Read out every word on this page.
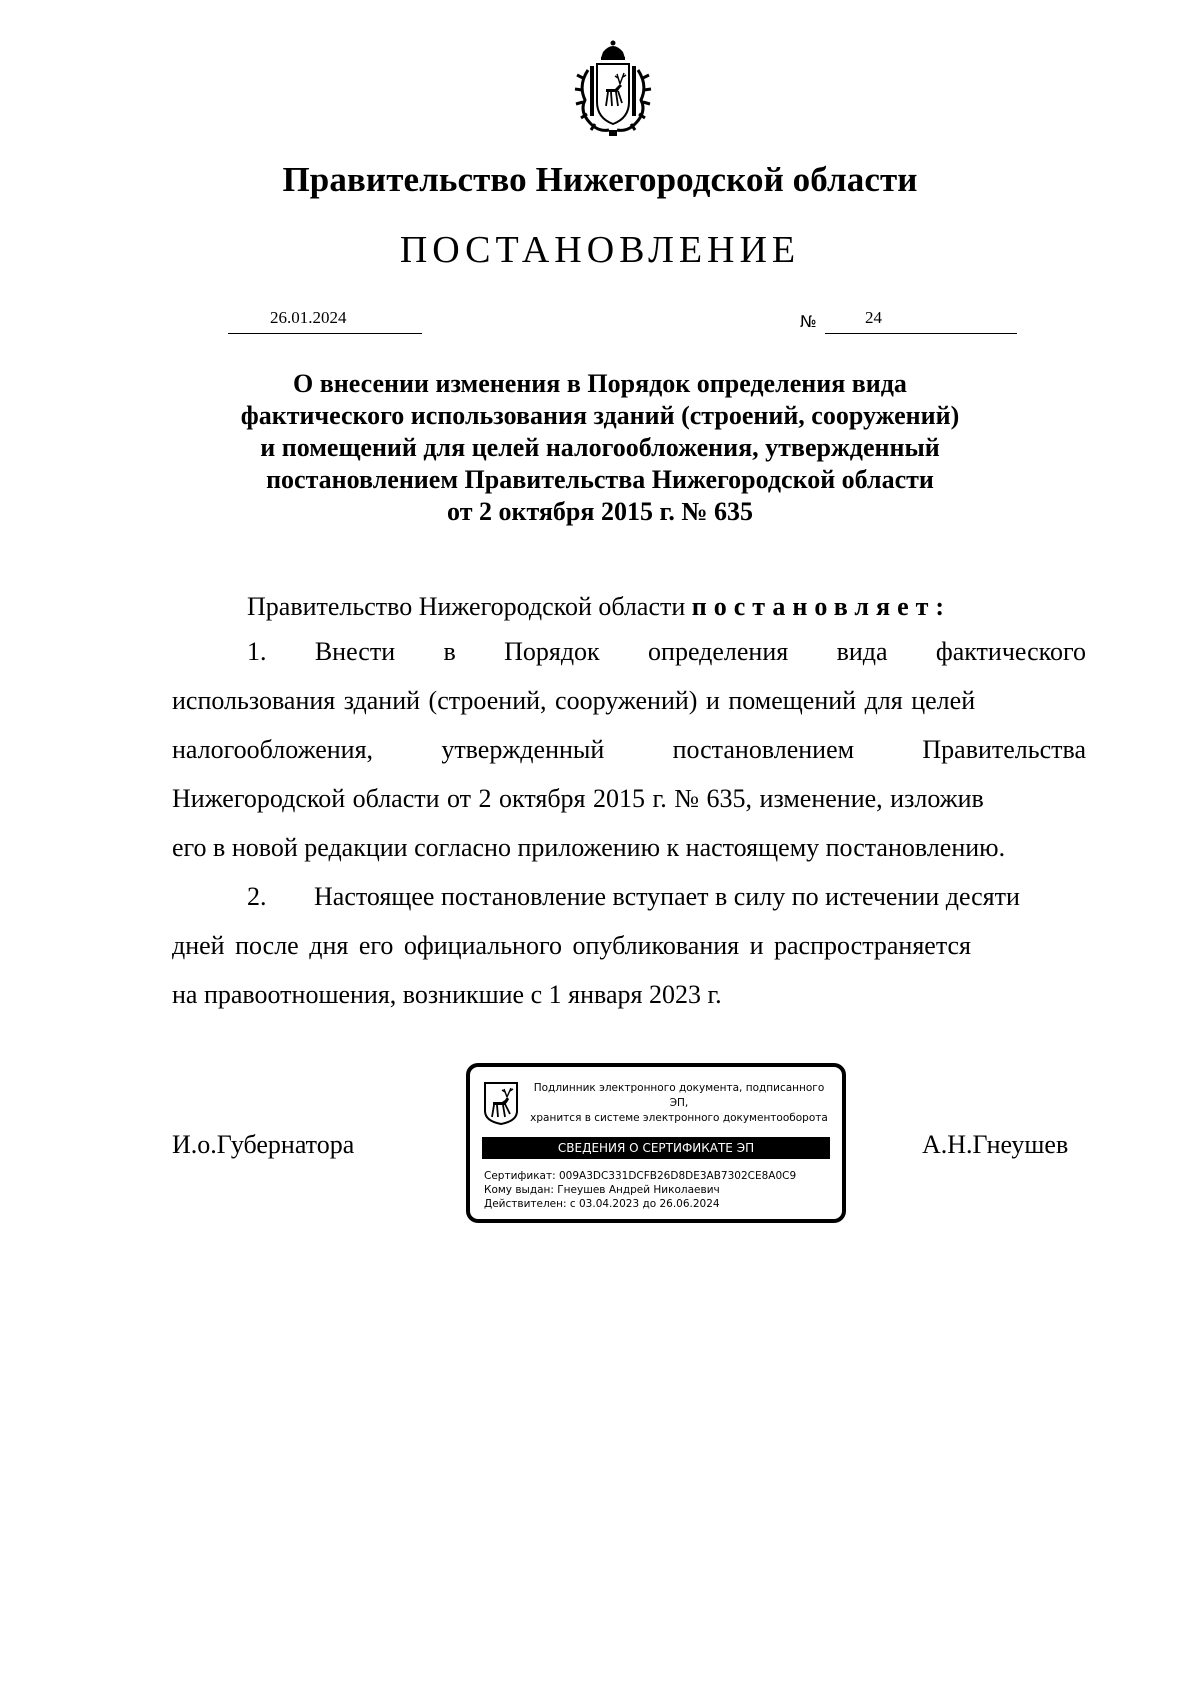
Правительство Нижегородской области
ПОСТАНОВЛЕНИЕ
26.01.2024	№	24
О внесении изменения в Порядок определения вида
фактического использования зданий (строений, сооружений)
и помещений для целей налогообложения, утвержденный
постановлением Правительства Нижегородской области
от 2 октября 2015 г. № 635
Правительство Нижегородской области постановляет:
1. Внести в Порядок определения вида фактического
использования зданий (строений, сооружений) и помещений для целей
налогообложения,	утвержденный	постановлением	Правительства
Нижегородской области от 2 октября 2015 г. № 635, изменение, изложив
его в новой редакции согласно приложению к настоящему постановлению.
2. Настоящее постановление вступает в силу по истечении десяти
дней после дня его официального опубликования и распространяется
на правоотношения, возникшие с 1 января 2023 г.
И.о.Губернатора	А.Н.Гнеушев
Подлинник электронного документа, подписанного ЭП,
хранится в системе электронного документооборота
СВЕДЕНИЯ О СЕРТИФИКАТЕ ЭП
Сертификат: 009A3DC331DCFB26D8DE3AB7302CE8A0C9
Кому выдан: Гнеушев Андрей Николаевич
Действителен: с 03.04.2023 до 26.06.2024
